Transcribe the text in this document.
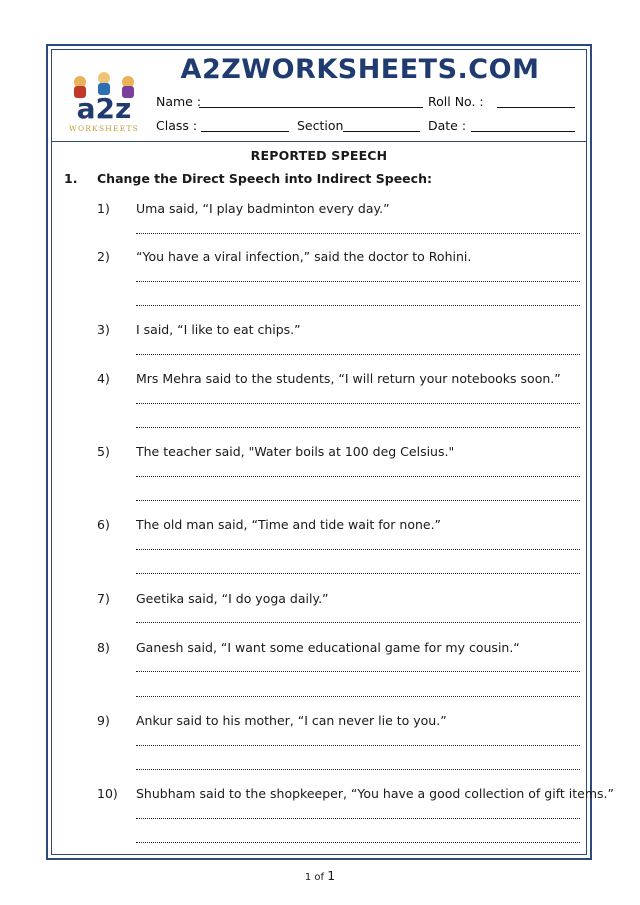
a2z
WORKSHEETS
A2ZWORKSHEETS.COM
Name :	Roll No. :
Class :	Section	Date :
REPORTED SPEECH
1. Change the Direct Speech into Indirect Speech:
1) Uma said, “I play badminton every day.”
2) “You have a viral infection,” said the doctor to Rohini.
3) I said, “I like to eat chips.”
4) Mrs Mehra said to the students, “I will return your notebooks soon.”
5) The teacher said, "Water boils at 100 deg Celsius."
6) The old man said, “Time and tide wait for none.”
7) Geetika said, “I do yoga daily.”
8) Ganesh said, “I want some educational game for my cousin.“
9) Ankur said to his mother, “I can never lie to you.”
10) Shubham said to the shopkeeper, “You have a good collection of gift items.”
1 of 1
